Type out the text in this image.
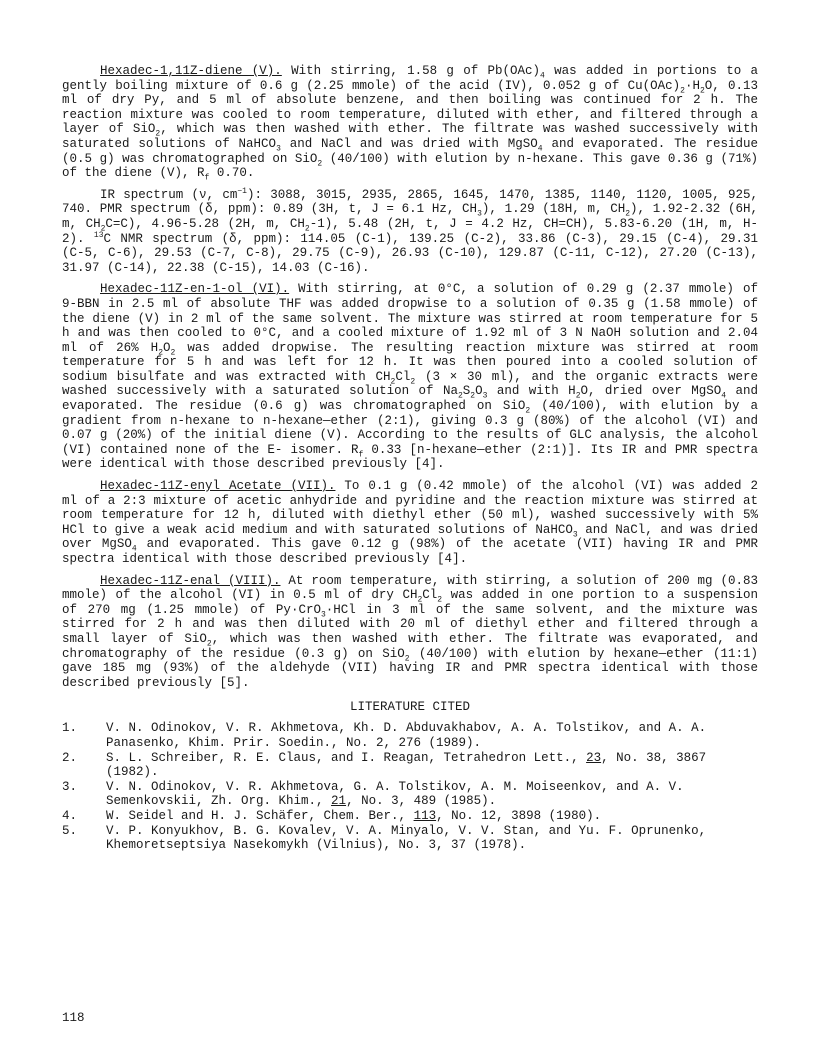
Hexadec-1,11Z-diene (V). With stirring, 1.58 g of $Pb(OAc)_4$ was added in portions to a gently boiling mixture of 0.6 g (2.25 mmole) of the acid (IV), 0.052 g of $Cu(OAc)_2\cdot H_2O$, 0.13 ml of dry Py, and 5 ml of absolute benzene, and then boiling was continued for 2 h. The reaction mixture was cooled to room temperature, diluted with ether, and filtered through a layer of SiO$_2$, which was then washed with ether. The filtrate was washed successively with saturated solutions of NaHCO$_3$ and NaCl and was dried with MgSO$_4$ and evaporated. The residue (0.5 g) was chromatographed on SiO$_2$ (40/100) with elution by n-hexane. This gave 0.36 g (71%) of the diene (V), $R_f$ 0.70.

IR spectrum (ν, $cm^{-1}$): 3088, 3015, 2935, 2865, 1645, 1470, 1385, 1140, 1120, 1005, 925, 740. PMR spectrum (δ, ppm): 0.89 (3H, t, J = 6.1 Hz, $CH_3$), 1.29 (18H, m, $CH_2$), 1.92-2.32 (6H, m, $CH_2C=C$), 4.96-5.28 (2H, m, $CH_2-1$), 5.48 (2H, t, J = 4.2 Hz, CH=CH), 5.83-6.20 (1H, m, H-2). $^{13}$C NMR spectrum (δ, ppm): 114.05 (C-1), 139.25 (C-2), 33.86 (C-3), 29.15 (C-4), 29.31 (C-5, C-6), 29.53 (C-7, C-8), 29.75 (C-9), 26.93 (C-10), 129.87 (C-11, C-12), 27.20 (C-13), 31.97 (C-14), 22.38 (C-15), 14.03 (C-16).

Hexadec-11Z-en-1-ol (VI). With stirring, at 0°C, a solution of 0.29 g (2.37 mmole) of 9-BBN in 2.5 ml of absolute THF was added dropwise to a solution of 0.35 g (1.58 mmole) of the diene (V) in 2 ml of the same solvent. The mixture was stirred at room temperature for 5 h and was then cooled to 0°C, and a cooled mixture of 1.92 ml of 3 N NaOH solution and 2.04 ml of 26% $H_2O_2$ was added dropwise. The resulting reaction mixture was stirred at room temperature for 5 h and was left for 12 h. It was then poured into a cooled solution of sodium bisulfate and was extracted with $CH_2Cl_2$ (3 × 30 ml), and the organic extracts were washed successively with a saturated solution of $Na_2S_2O_3$ and with $H_2O$, dried over MgSO$_4$ and evaporated. The residue (0.6 g) was chromatographed on SiO$_2$ (40/100), with elution by a gradient from n-hexane to n-hexane—ether (2:1), giving 0.3 g (80%) of the alcohol (VI) and 0.07 g (20%) of the initial diene (V). According to the results of GLC analysis, the alcohol (VI) contained none of the E- isomer. $R_f$ 0.33 [n-hexane—ether (2:1)]. Its IR and PMR spectra were identical with those described previously [4].

Hexadec-11Z-enyl Acetate (VII). To 0.1 g (0.42 mmole) of the alcohol (VI) was added 2 ml of a 2:3 mixture of acetic anhydride and pyridine and the reaction mixture was stirred at room temperature for 12 h, diluted with diethyl ether (50 ml), washed successively with 5% HCl to give a weak acid medium and with saturated solutions of NaHCO$_3$ and NaCl, and was dried over MgSO$_4$ and evaporated. This gave 0.12 g (98%) of the acetate (VII) having IR and PMR spectra identical with those described previously [4].

Hexadec-11Z-enal (VIII). At room temperature, with stirring, a solution of 200 mg (0.83 mmole) of the alcohol (VI) in 0.5 ml of dry $CH_2Cl_2$ was added in one portion to a suspension of 270 mg (1.25 mmole) of Py·CrO$_3$·HCl in 3 ml of the same solvent, and the mixture was stirred for 2 h and was then diluted with 20 ml of diethyl ether and filtered through a small layer of SiO$_2$, which was then washed with ether. The filtrate was evaporated, and chromatography of the residue (0.3 g) on SiO$_2$ (40/100) with elution by hexane—ether (11:1) gave 185 mg (93%) of the aldehyde (VII) having IR and PMR spectra identical with those described previously [5].

LITERATURE CITED
1.	V. N. Odinokov, V. R. Akhmetova, Kh. D. Abduvakhabov, A. A. Tolstikov, and A. A. Panasenko, Khim. Prir. Soedin., No. 2, 276 (1989).
2.	S. L. Schreiber, R. E. Claus, and I. Reagan, Tetrahedron Lett., 23, No. 38, 3867 (1982).
3.	V. N. Odinokov, V. R. Akhmetova, G. A. Tolstikov, A. M. Moiseenkov, and A. V. Semenkovskii, Zh. Org. Khim., 21, No. 3, 489 (1985).
4.	W. Seidel and H. J. Schäfer, Chem. Ber., 113, No. 12, 3898 (1980).
5.	V. P. Konyukhov, B. G. Kovalev, V. A. Minyalo, V. V. Stan, and Yu. F. Oprunenko, Khemoretseptsiya Nasekomykh (Vilnius), No. 3, 37 (1978).
118
